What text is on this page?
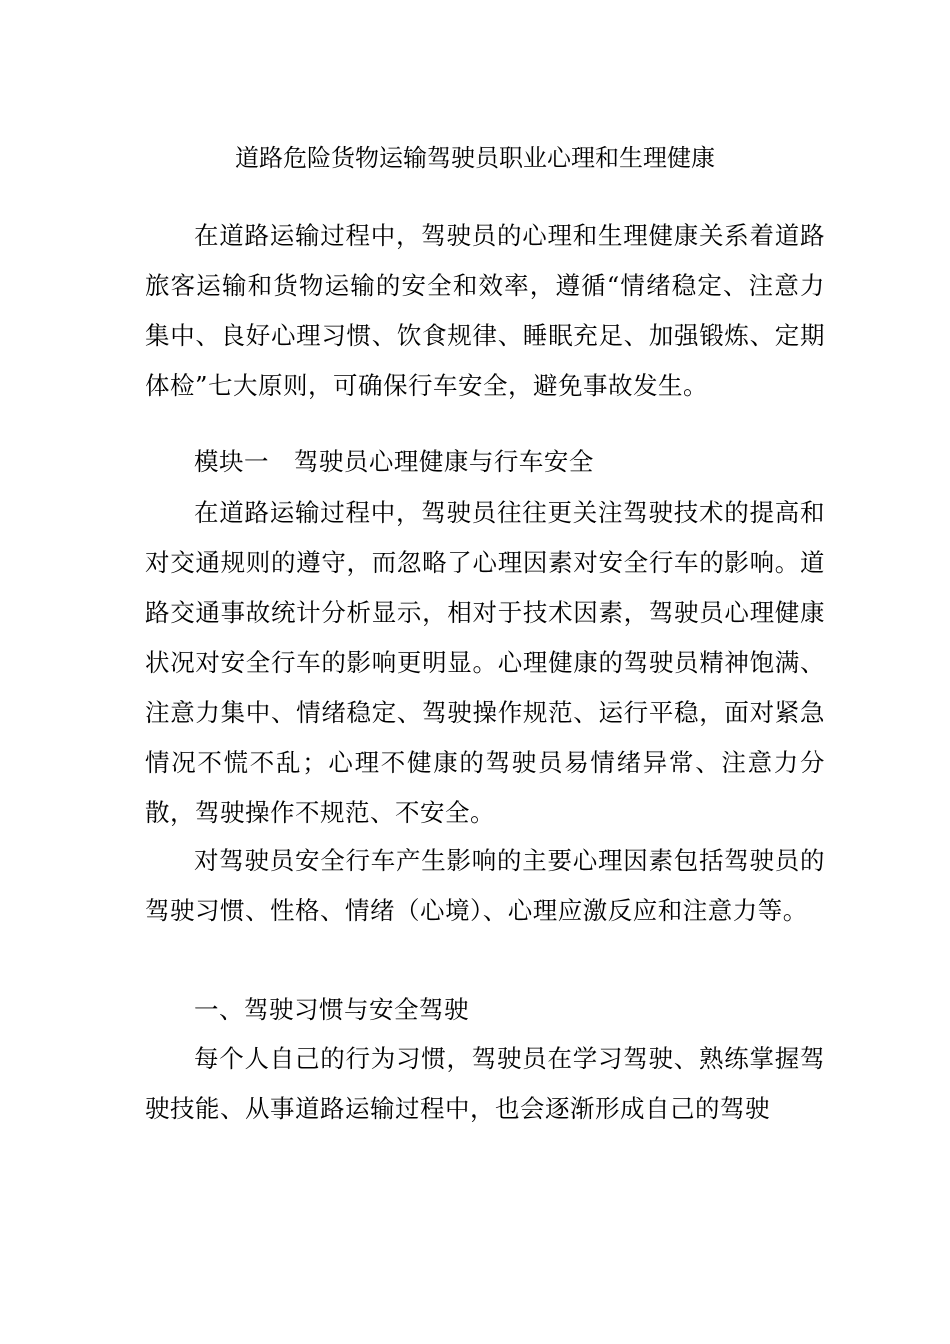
道路危险货物运输驾驶员职业心理和生理健康

在道路运输过程中，驾驶员的心理和生理健康关系着道路旅客运输和货物运输的安全和效率，遵循“情绪稳定、注意力集中、良好心理习惯、饮食规律、睡眠充足、加强锻炼、定期体检”七大原则，可确保行车安全，避免事故发生。

模块一   驾驶员心理健康与行车安全

在道路运输过程中，驾驶员往往更关注驾驶技术的提高和对交通规则的遵守，而忽略了心理因素对安全行车的影响。道路交通事故统计分析显示，相对于技术因素，驾驶员心理健康状况对安全行车的影响更明显。心理健康的驾驶员精神饱满、注意力集中、情绪稳定、驾驶操作规范、运行平稳，面对紧急情况不慌不乱；心理不健康的驾驶员易情绪异常、注意力分散，驾驶操作不规范、不安全。

对驾驶员安全行车产生影响的主要心理因素包括驾驶员的驾驶习惯、性格、情绪（心境）、心理应激反应和注意力等。

一、驾驶习惯与安全驾驶

每个人自己的行为习惯，驾驶员在学习驾驶、熟练掌握驾驶技能、从事道路运输过程中，也会逐渐形成自己的驾驶
